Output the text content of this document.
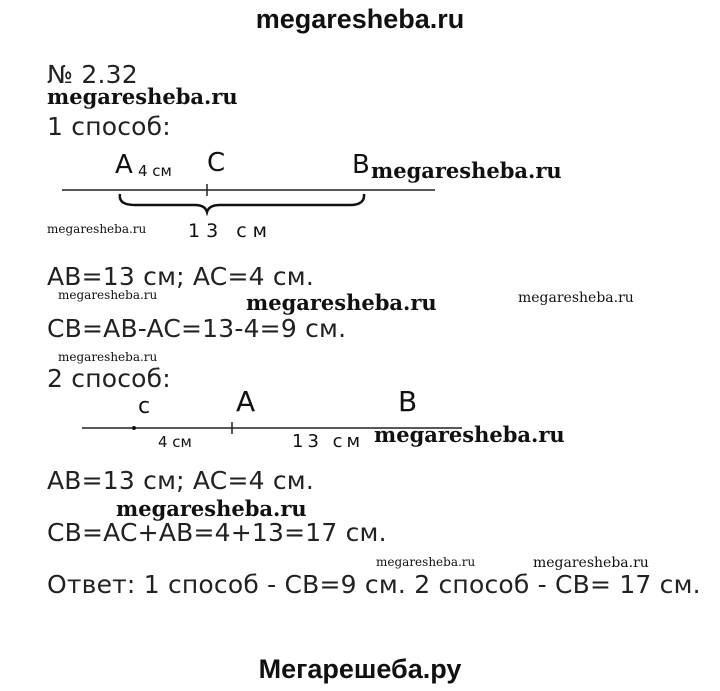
megaresheba.ru
Мегарешеба.ру
№ 2.32
megaresheba.ru
1 способ:
A 4 см C	B
13 см
megaresheba.ru
megaresheba.ru
AB=13 см; AC=4 см.
megaresheba.ru	megaresheba.ru	megaresheba.ru
CB=AB-AC=13-4=9 см.
megaresheba.ru
2 способ:
c	A	B
4 см	13 см megaresheba.ru
AB=13 см; AC=4 см.
megaresheba.ru
CB=AC+AB=4+13=17 см.
megaresheba.ru	megaresheba.ru
Ответ: 1 способ - CB=9 см. 2 способ - CB= 17 см.
